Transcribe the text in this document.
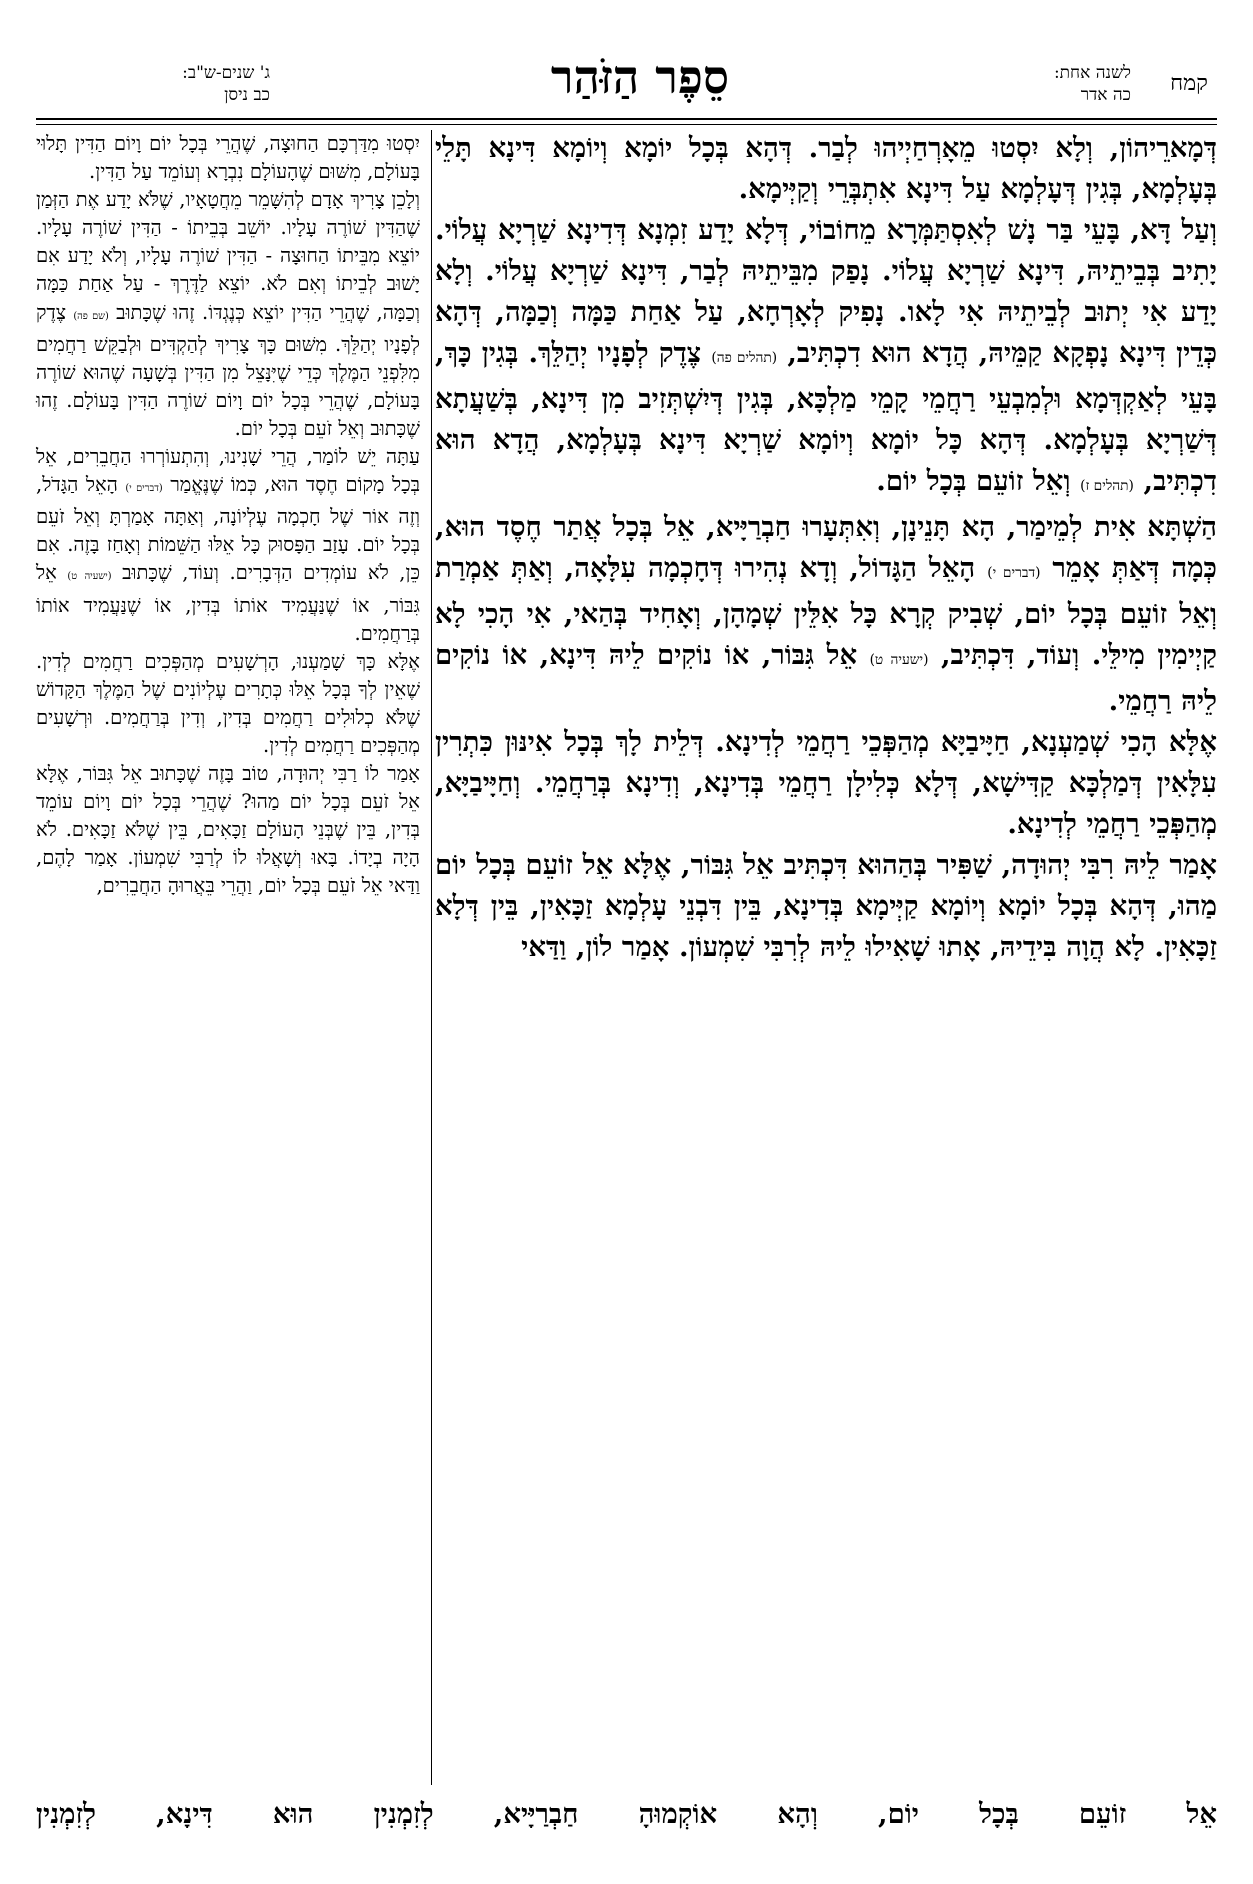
קמח
לשנה אחת:
כה אדר
סֵפֶר הַזֹּהַר
ג' שנים-ש"ב:
כב ניסן

דְּמָארֵיהוֹן, וְלָא יִסְטוּ מֵאָרְחַיְיהוּ לְבַר. דְּהָא בְּכָל יוֹמָא וְיוֹמָא דִּינָא תָּלֵי בְּעָלְמָא, בְּגִין דְּעָלְמָא עַל דִּינָא אִתְבְּרֵי וְקַיְּימָא.

וְעַל דָּא, בָּעֵי בַּר נָשׁ לְאִסְתַּמְּרָא מֵחוֹבוֹי, דְּלָא יָדַע זִמְנָא דְּדִינָא שַׁרְיָא עֲלוֹי. יָתִיב בְּבֵיתֵיהּ, דִּינָא שַׁרְיָא עֲלוֹי. נָפַק מִבֵּיתֵיהּ לְבַר, דִּינָא שַׁרְיָא עֲלוֹי. וְלָא יָדַע אִי יְתוּב לְבֵיתֵיהּ אִי לָאו. נָפִיק לְאָרְחָא, עַל אַחַת כַּמָּה וְכַמָּה, דְּהָא כְּדֵין דִּינָא נָפְקָא קַמֵּיהּ, הֲדָא הוּא דִכְתִּיב, (תהלים פה) צֶדֶק לְפָנָיו יְהַלֵּךְ. בְּגִין כָּךְ, בָּעֵי לְאַקְדְּמָא וּלְמִבְעֵי רַחֲמֵי קָמֵי מַלְכָּא, בְּגִין דְּיִשְׁתְּזִיב מִן דִּינָא, בְּשַׁעֲתָא דְּשַׁרְיָא בְּעָלְמָא. דְּהָא כָּל יוֹמָא וְיוֹמָא שַׁרְיָא דִּינָא בְּעָלְמָא, הֲדָא הוּא דִכְתִּיב, (תהלים ז) וְאֵל זוֹעֵם בְּכָל יוֹם.

הַשְׁתָּא אִית לְמֵימַר, הָא תָּנֵינָן, וְאִתְּעָרוּ חַבְרַיָּיא, אֵל בְּכָל אֲתַר חֶסֶד הוּא, כְּמָה דְּאַתְּ אָמֵר (דברים י) הָאֵל הַגָּדוֹל, וְדָא נְהִירוּ דְּחָכְמָה עִלָּאָה, וְאַתְּ אַמְרַת וְאֵל זוֹעֵם בְּכָל יוֹם, שְׁבִיק קְרָא כָּל אִלֵּין שְׁמָהָן, וְאָחִיד בְּהַאי, אִי הָכִי לָא קַיְימִין מִילֵּי. וְעוֹד, דִּכְתִּיב, (ישעיה ט) אֵל גִּבּוֹר, אוֹ נוֹקִים לֵיהּ דִּינָא, אוֹ נוֹקִים לֵיהּ רַחֲמֵי.

אֶלָּא הָכִי שְׁמַעְנָא, חַיָּיבַיָּא מְהַפְּכֵי רַחֲמֵי לְדִינָא. דְּלֵית לָךְ בְּכָל אִינּוּן כִּתְרִין עִלָּאִין דְּמַלְכָּא קַדִּישָׁא, דְּלָא כְּלִילָן רַחֲמֵי בְּדִינָא, וְדִינָא בְּרַחֲמֵי. וְחַיָּיבַיָּא, מְהַפְּכֵי רַחֲמֵי לְדִינָא.

אָמַר לֵיהּ רִבִּי יְהוּדָה, שַׁפִּיר בְּהַהוּא דִּכְתִּיב אֵל גִּבּוֹר, אֶלָּא אֵל זוֹעֵם בְּכָל יוֹם מַהוּ, דְּהָא בְּכָל יוֹמָא וְיוֹמָא קַיְּימָא בְּדִינָא, בֵּין דִּבְנֵי עָלְמָא זַכָּאִין, בֵּין דְּלָא זַכָּאִין. לָא הֲוָה בִּידֵיהּ, אָתוּ שָׁאִילוּ לֵיהּ לְרִבִּי שִׁמְעוֹן. אָמַר לוֹן, וַדַּאי

יִסְטוּ מִדַּרְכָּם הַחוּצָה, שֶׁהֲרֵי בְּכָל יוֹם וָיוֹם הַדִּין תָּלוּי בָּעוֹלָם, מִשּׁוּם שֶׁהָעוֹלָם נִבְרָא וְעוֹמֵד עַל הַדִּין.

וְלָכֵן צָרִיךְ אָדָם לְהִשָּׁמֵר מֵחֲטָאָיו, שֶׁלֹּא יָדַע אֶת הַזְּמַן שֶׁהַדִּין שׁוֹרֶה עָלָיו. יוֹשֵׁב בְּבֵיתוֹ - הַדִּין שׁוֹרֶה עָלָיו. יוֹצֵא מִבֵּיתוֹ הַחוּצָה - הַדִּין שׁוֹרֶה עָלָיו, וְלֹא יָדַע אִם יָשׁוּב לְבֵיתוֹ וְאִם לֹא. יוֹצֵא לַדֶּרֶךְ - עַל אַחַת כַּמָּה וְכַמָּה, שֶׁהֲרֵי הַדִּין יוֹצֵא כְּנֶגְדּוֹ. זֶהוּ שֶׁכָּתוּב (שם פה) צֶדֶק לְפָנָיו יְהַלֵּךְ. מִשּׁוּם כָּךְ צָרִיךְ לְהַקְדִּים וּלְבַקֵּשׁ רַחֲמִים מִלִּפְנֵי הַמֶּלֶךְ כְּדֵי שֶׁיִּנָּצֵל מִן הַדִּין בְּשָׁעָה שֶׁהוּא שׁוֹרֶה בָּעוֹלָם, שֶׁהֲרֵי בְּכָל יוֹם וָיוֹם שׁוֹרֶה הַדִּין בָּעוֹלָם. זֶהוּ שֶׁכָּתוּב וְאֵל זֹעֵם בְּכָל יוֹם.

עַתָּה יֵשׁ לוֹמַר, הֲרֵי שָׁנִינוּ, וְהִתְעוֹרְרוּ הַחֲבֵרִים, אֵל בְּכָל מָקוֹם חֶסֶד הוּא, כְּמוֹ שֶׁנֶּאֱמַר (דברים י) הָאֵל הַגָּדֹל, וְזֶה אוֹר שֶׁל חָכְמָה עֶלְיוֹנָה, וְאַתָּה אָמַרְתָּ וְאֵל זֹעֵם בְּכָל יוֹם. עָזַב הַפָּסוּק כָּל אֵלּוּ הַשֵּׁמוֹת וְאָחַז בָּזֶה. אִם כֵּן, לֹא עוֹמְדִים הַדְּבָרִים. וְעוֹד, שֶׁכָּתוּב (ישעיה ט) אֵל גִּבּוֹר, אוֹ שֶׁנַּעֲמִיד אוֹתוֹ בְּדִין, אוֹ שֶׁנַּעֲמִיד אוֹתוֹ בְּרַחֲמִים.

אֶלָּא כָּךְ שָׁמַעְנוּ, הָרְשָׁעִים מְהַפְּכִים רַחֲמִים לְדִין. שֶׁאֵין לְךָ בְּכָל אֵלּוּ כְּתָרִים עֶלְיוֹנִים שֶׁל הַמֶּלֶךְ הַקָּדוֹשׁ שֶׁלֹּא כְלוּלִים רַחֲמִים בְּדִין, וְדִין בְּרַחֲמִים. וּרְשָׁעִים מְהַפְּכִים רַחֲמִים לְדִין.

אָמַר לוֹ רַבִּי יְהוּדָה, טוֹב בָּזֶה שֶׁכָּתוּב אֵל גִּבּוֹר, אֶלָּא אֵל זֹעֵם בְּכָל יוֹם מַהוּ? שֶׁהֲרֵי בְּכָל יוֹם וָיוֹם עוֹמֵד בְּדִין, בֵּין שֶׁבְּנֵי הָעוֹלָם זַכָּאִים, בֵּין שֶׁלֹּא זַכָּאִים. לֹא הָיָה בְיָדוֹ. בָּאוּ וְשָׁאֲלוּ לוֹ לְרַבִּי שִׁמְעוֹן. אָמַר לָהֶם, וַדַּאי אֵל זֹעֵם בְּכָל יוֹם, וַהֲרֵי בֵּאֲרוּהָ הַחֲבֵרִים,

אֵל זוֹעֵם בְּכָל יוֹם, וְהָא אוֹקְמוּהָ חַבְרַיָּיא, לְזִמְנִין הוּא דִּינָא, לְזִמְנִין
